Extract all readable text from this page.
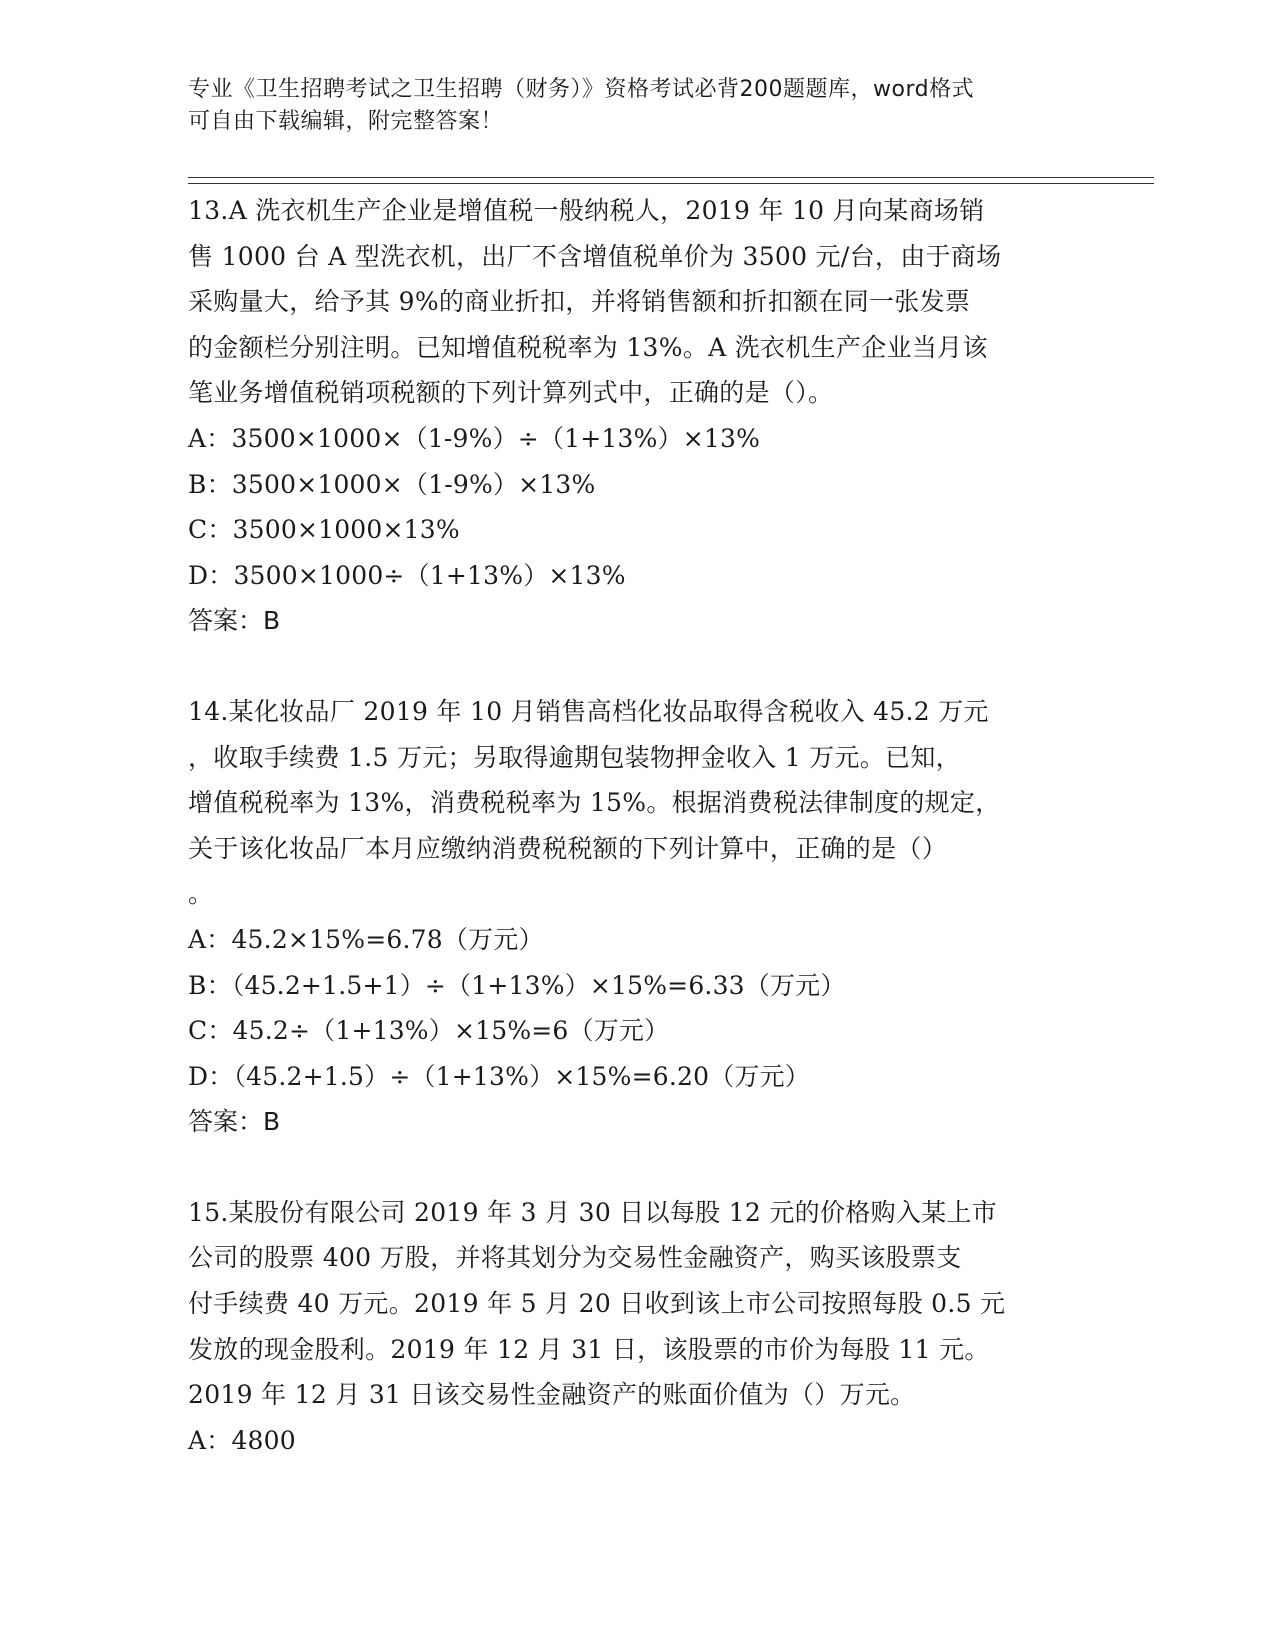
专业《卫生招聘考试之卫生招聘（财务）》资格考试必背200题题库，word格式
可自由下载编辑，附完整答案！
13.A 洗衣机生产企业是增值税一般纳税人，2019 年 10 月向某商场销
售 1000 台 A 型洗衣机，出厂不含增值税单价为 3500 元/台，由于商场
采购量大，给予其 9%的商业折扣，并将销售额和折扣额在同一张发票
的金额栏分别注明。已知增值税税率为 13%。A 洗衣机生产企业当月该
笔业务增值税销项税额的下列计算列式中，正确的是（）。
A：3500×1000×（1-9%）÷（1+13%）×13%
B：3500×1000×（1-9%）×13%
C：3500×1000×13%
D：3500×1000÷（1+13%）×13%
答案：B
14.某化妆品厂 2019 年 10 月销售高档化妆品取得含税收入 45.2 万元
，收取手续费 1.5 万元；另取得逾期包装物押金收入 1 万元。已知，
增值税税率为 13%，消费税税率为 15%。根据消费税法律制度的规定，
关于该化妆品厂本月应缴纳消费税税额的下列计算中，正确的是（）
。
A：45.2×15%=6.78（万元）
B：（45.2+1.5+1）÷（1+13%）×15%=6.33（万元）
C：45.2÷（1+13%）×15%=6（万元）
D：（45.2+1.5）÷（1+13%）×15%=6.20（万元）
答案：B
15.某股份有限公司 2019 年 3 月 30 日以每股 12 元的价格购入某上市
公司的股票 400 万股，并将其划分为交易性金融资产，购买该股票支
付手续费 40 万元。2019 年 5 月 20 日收到该上市公司按照每股 0.5 元
发放的现金股利。2019 年 12 月 31 日，该股票的市价为每股 11 元。
2019 年 12 月 31 日该交易性金融资产的账面价值为（）万元。
A：4800
